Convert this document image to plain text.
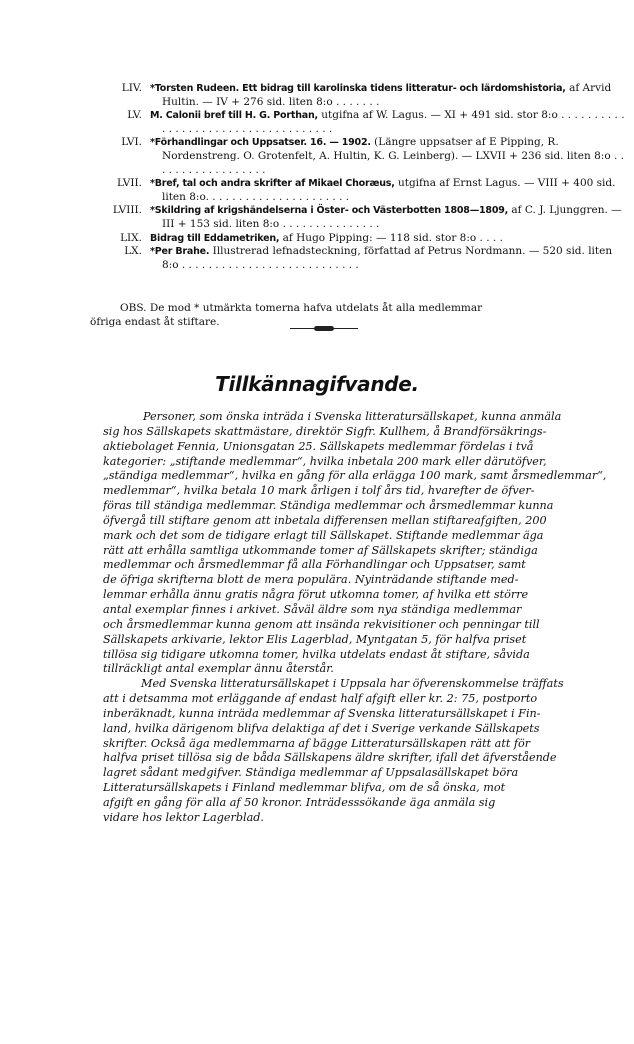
LIV. *Torsten Rudeen. Ett bidrag till karolinska tidens litteratur- och lärdomshistoria, af Arvid Hultin. — IV + 276 sid. liten 8:o . . . . . . .
LV. M. Calonii bref till H. G. Porthan, utgifna af W. Lagus. — XI + 491 sid. stor 8:o . . . . . . . . . . . . . . . . . . . . . . . . . . . . . . . . . . . .
LVI. *Förhandlingar och Uppsatser. 16. — 1902. (Längre uppsatser af E Pipping, R. Nordenstreng. O. Grotenfelt, A. Hultin, K. G. Leinberg). — LXVII + 236 sid. liten 8:o . . . . . . . . . . . . . . . . . .
LVII. *Bref, tal och andra skrifter af Mikael Choræus, utgifna af Ernst Lagus. — VIII + 400 sid. liten 8:o. . . . . . . . . . . . . . . . . . . . . .
LVIII. *Skildring af krigshändelserna i Öster- och Västerbotten 1808—1809, af C. J. Ljunggren. — III + 153 sid. liten 8:o . . . . . . . . . . . . . . .
LIX. Bidrag till Eddametriken, af Hugo Pipping: — 118 sid. stor 8:o . . . .
LX. *Per Brahe. Illustrerad lefnadsteckning, författad af Petrus Nordmann. — 520 sid. liten 8:o . . . . . . . . . . . . . . . . . . . . . . . . . . .
OBS. De mod * utmärkta tomerna hafva utdelats åt alla medlemmar
öfriga endast åt stiftare.
Tillkännagifvande.
Personer, som önska inträda i Svenska litteratursällskapet, kunna anmäla
sig hos Sällskapets skattmästare, direktör Sigfr. Kullhem, å Brandförsäkrings-
aktiebolaget Fennia, Unionsgatan 25. Sällskapets medlemmar fördelas i två
kategorier: „stiftande medlemmar“, hvilka inbetala 200 mark eller därutöfver,
„ständiga medlemmar“, hvilka en gång för alla erlägga 100 mark, samt årsmedlemmar“,
medlemmar“, hvilka betala 10 mark årligen i tolf års tid, hvarefter de öfver-
föras till ständiga medlemmar. Ständiga medlemmar och årsmedlemmar kunna
öfvergå till stiftare genom att inbetala differensen mellan stiftareafgiften, 200
mark och det som de tidigare erlagt till Sällskapet. Stiftande medlemmar äga
rätt att erhålla samtliga utkommande tomer af Sällskapets skrifter; ständiga
medlemmar och årsmedlemmar få alla Förhandlingar och Uppsatser, samt
de öfriga skrifterna blott de mera populära. Nyinträdande stiftande med-
lemmar erhålla ännu gratis några förut utkomna tomer, af hvilka ett större
antal exemplar finnes i arkivet. Såväl äldre som nya ständiga medlemmar
och årsmedlemmar kunna genom att insända rekvisitioner och penningar till
Sällskapets arkivarie, lektor Elis Lagerblad, Myntgatan 5, för halfva priset
tillösa sig tidigare utkomna tomer, hvilka utdelats endast åt stiftare, såvida
tillräckligt antal exemplar ännu återstår.
Med Svenska litteratursällskapet i Uppsala har öfverenskommelse träffats
att i detsamma mot erläggande af endast half afgift eller kr. 2: 75, postporto
inberäknadt, kunna inträda medlemmar af Svenska litteratursällskapet i Fin-
land, hvilka därigenom blifva delaktiga af det i Sverige verkande Sällskapets
skrifter. Också äga medlemmarna af bägge Litteratursällskapen rätt att för
halfva priset tillösa sig de båda Sällskapens äldre skrifter, ifall det äfverstående
lagret sådant medgifver. Ständiga medlemmar af Uppsalasällskapet böra
Litteratursällskapets i Finland medlemmar blifva, om de så önska, mot
afgift en gång för alla af 50 kronor. Inträdesssökande äga anmäla sig
vidare hos lektor Lagerblad.
